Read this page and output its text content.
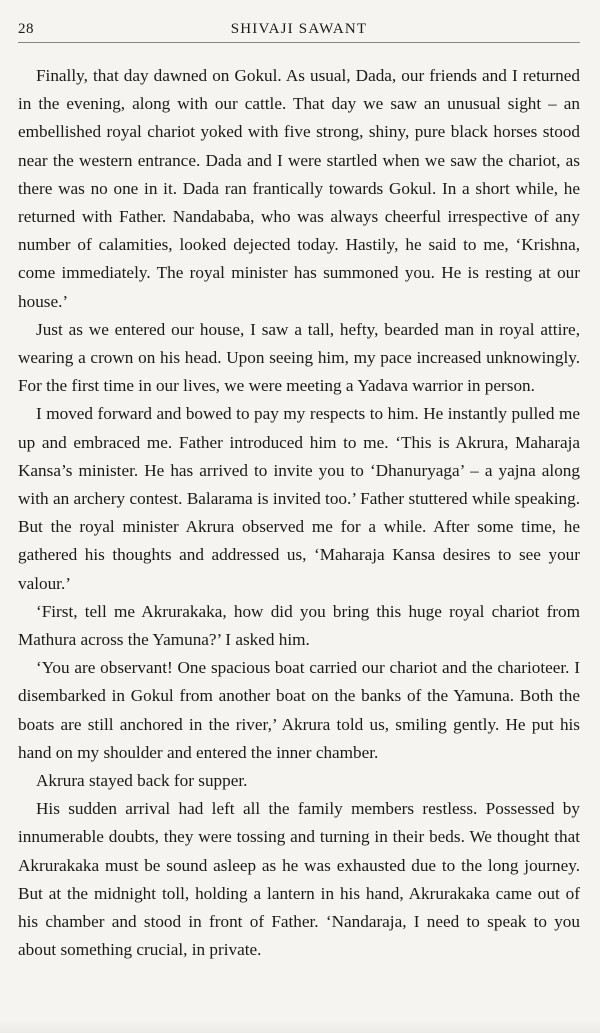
28	SHIVAJI SAWANT

Finally, that day dawned on Gokul. As usual, Dada, our friends and I returned in the evening, along with our cattle. That day we saw an unusual sight – an embellished royal chariot yoked with five strong, shiny, pure black horses stood near the western entrance. Dada and I were startled when we saw the chariot, as there was no one in it. Dada ran frantically towards Gokul. In a short while, he returned with Father. Nandababa, who was always cheerful irrespective of any number of calamities, looked dejected today. Hastily, he said to me, ‘Krishna, come immediately. The royal minister has summoned you. He is resting at our house.’

Just as we entered our house, I saw a tall, hefty, bearded man in royal attire, wearing a crown on his head. Upon seeing him, my pace increased unknowingly. For the first time in our lives, we were meeting a Yadava warrior in person.

I moved forward and bowed to pay my respects to him. He instantly pulled me up and embraced me. Father introduced him to me. ‘This is Akrura, Maharaja Kansa’s minister. He has arrived to invite you to ‘Dhanuryaga’ – a yajna along with an archery contest. Balarama is invited too.’ Father stuttered while speaking. But the royal minister Akrura observed me for a while. After some time, he gathered his thoughts and addressed us, ‘Maharaja Kansa desires to see your valour.’

‘First, tell me Akrurakaka, how did you bring this huge royal chariot from Mathura across the Yamuna?’ I asked him.

‘You are observant! One spacious boat carried our chariot and the charioteer. I disembarked in Gokul from another boat on the banks of the Yamuna. Both the boats are still anchored in the river,’ Akrura told us, smiling gently. He put his hand on my shoulder and entered the inner chamber.

Akrura stayed back for supper.

His sudden arrival had left all the family members restless. Possessed by innumerable doubts, they were tossing and turning in their beds. We thought that Akrurakaka must be sound asleep as he was exhausted due to the long journey. But at the midnight toll, holding a lantern in his hand, Akrurakaka came out of his chamber and stood in front of Father. ‘Nandaraja, I need to speak to you about something crucial, in private.
